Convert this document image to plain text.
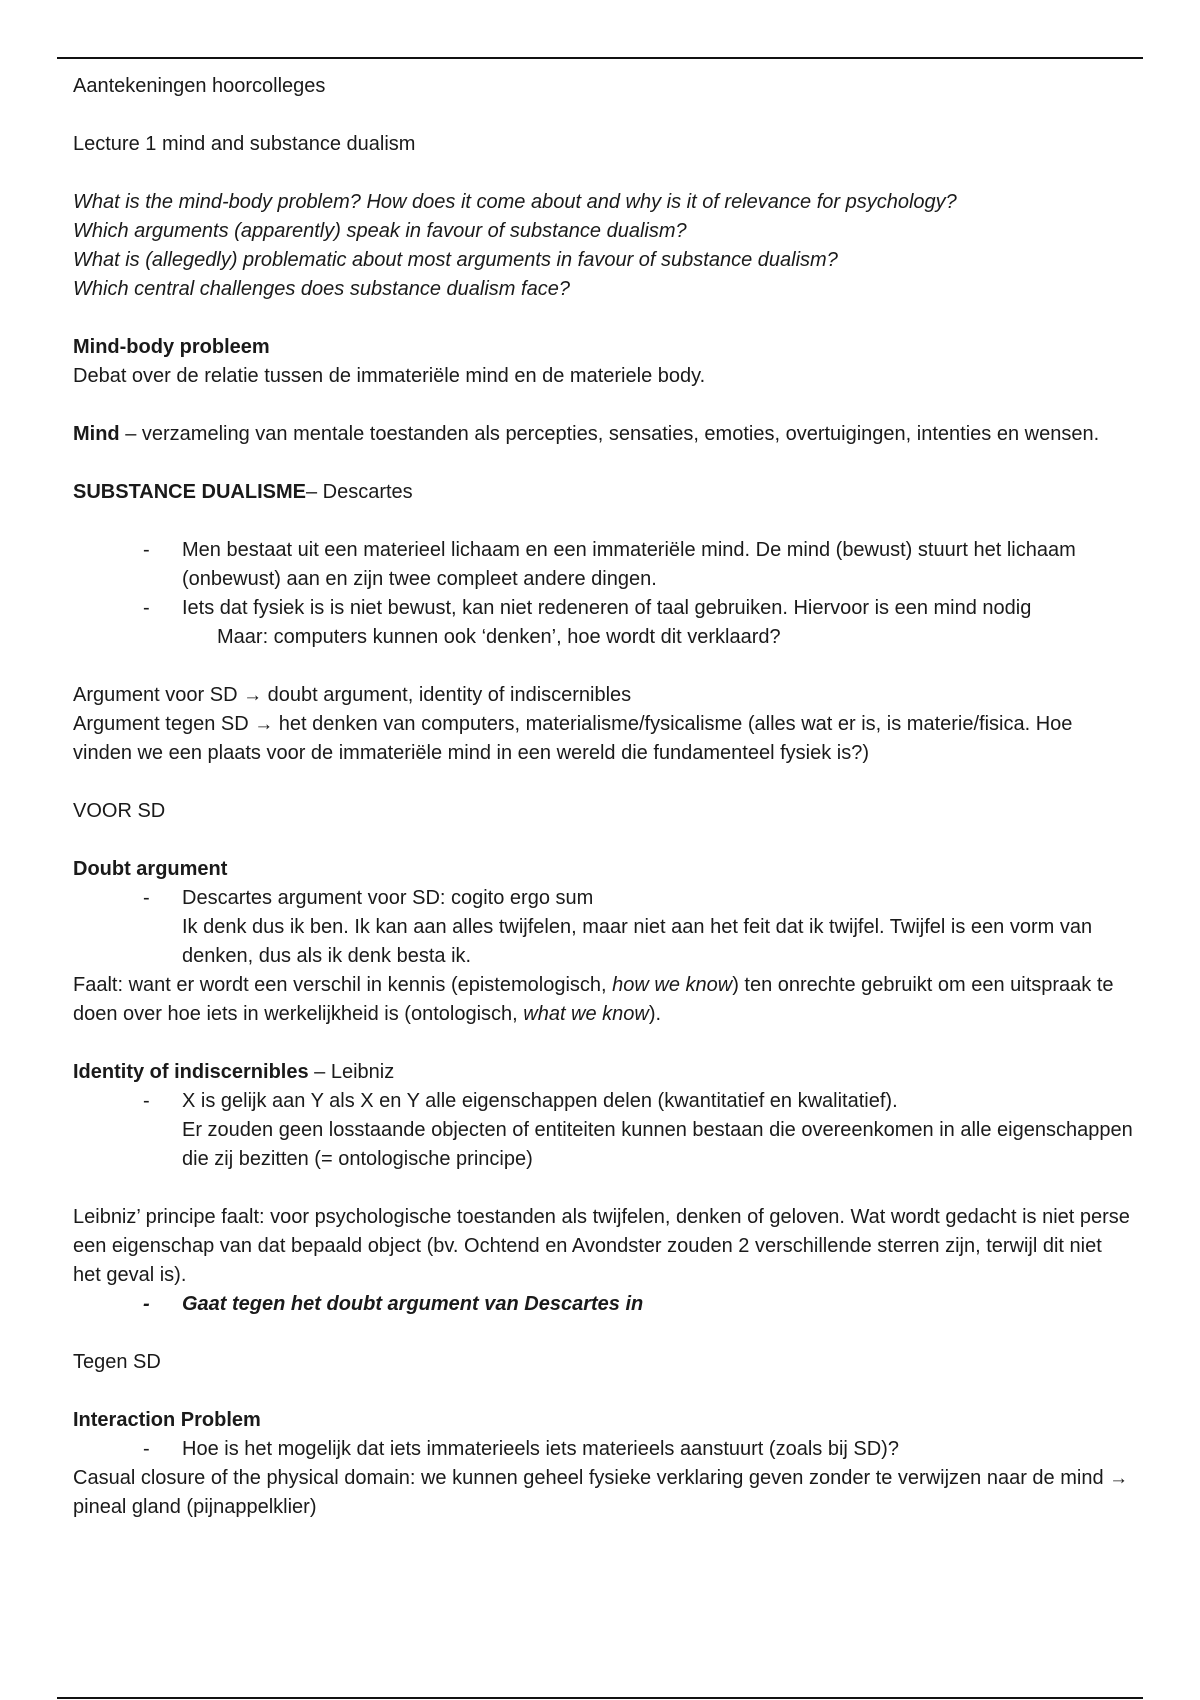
Aantekeningen hoorcolleges

Lecture 1 mind and substance dualism

What is the mind-body problem? How does it come about and why is it of relevance for psychology?

Which arguments (apparently) speak in favour of substance dualism?

What is (allegedly) problematic about most arguments in favour of substance dualism?

Which central challenges does substance dualism face?

Mind-body probleem

Debat over de relatie tussen de immateriële mind en de materiele body.

Mind – verzameling van mentale toestanden als percepties, sensaties, emoties, overtuigingen, intenties en wensen.

SUBSTANCE DUALISME– Descartes

- Men bestaat uit een materieel lichaam en een immateriële mind. De mind (bewust) stuurt het lichaam (onbewust) aan en zijn twee compleet andere dingen.
- Iets dat fysiek is is niet bewust, kan niet redeneren of taal gebruiken. Hiervoor is een mind nodig

Maar: computers kunnen ook ‘denken’, hoe wordt dit verklaard?

Argument voor SD → doubt argument, identity of indiscernibles

Argument tegen SD → het denken van computers, materialisme/fysicalisme (alles wat er is, is materie/fisica. Hoe vinden we een plaats voor de immateriële mind in een wereld die fundamenteel fysiek is?)

VOOR SD

Doubt argument

- Descartes argument voor SD: cogito ergo sum

Ik denk dus ik ben. Ik kan aan alles twijfelen, maar niet aan het feit dat ik twijfel. Twijfel is een vorm van denken, dus als ik denk besta ik.

Faalt: want er wordt een verschil in kennis (epistemologisch, how we know) ten onrechte gebruikt om een uitspraak te doen over hoe iets in werkelijkheid is (ontologisch, what we know).

Identity of indiscernibles – Leibniz

- X is gelijk aan Y als X en Y alle eigenschappen delen (kwantitatief en kwalitatief).

Er zouden geen losstaande objecten of entiteiten kunnen bestaan die overeenkomen in alle eigenschappen die zij bezitten (= ontologische principe)

Leibniz’ principe faalt: voor psychologische toestanden als twijfelen, denken of geloven. Wat wordt gedacht is niet perse een eigenschap van dat bepaald object (bv. Ochtend en Avondster zouden 2 verschillende sterren zijn, terwijl dit niet het geval is).

- Gaat tegen het doubt argument van Descartes in

Tegen SD

Interaction Problem

- Hoe is het mogelijk dat iets immaterieels iets materieels aanstuurt (zoals bij SD)?

Casual closure of the physical domain: we kunnen geheel fysieke verklaring geven zonder te verwijzen naar de mind → pineal gland (pijnappelklier)
